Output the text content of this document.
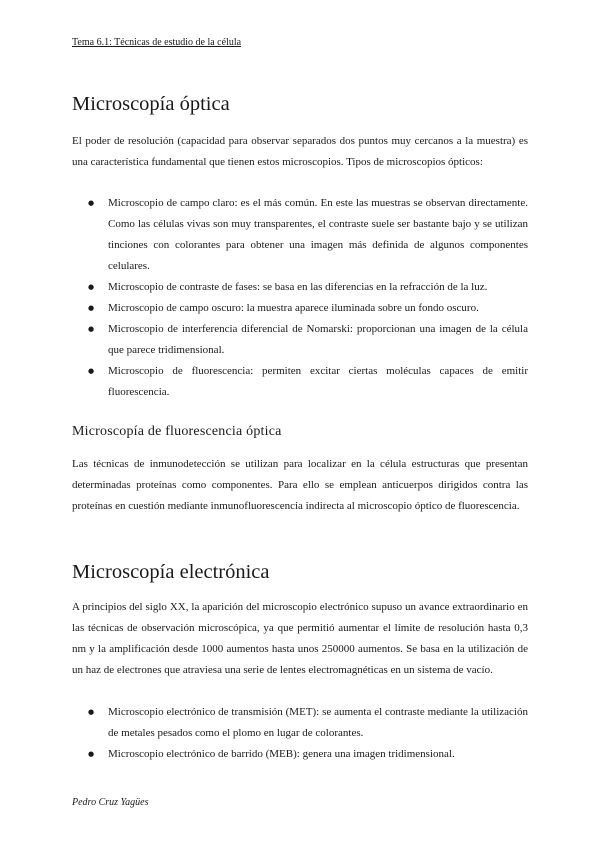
Tema 6.1: Técnicas de estudio de la célula
Microscopía óptica

El poder de resolución (capacidad para observar separados dos puntos muy cercanos a la muestra) es una característica fundamental que tienen estos microscopios. Tipos de microscopios ópticos:

● Microscopio de campo claro: es el más común. En este las muestras se observan directamente. Como las células vivas son muy transparentes, el contraste suele ser bastante bajo y se utilizan tinciones con colorantes para obtener una imagen más definida de algunos componentes celulares.
● Microscopio de contraste de fases: se basa en las diferencias en la refracción de la luz.
● Microscopio de campo oscuro: la muestra aparece iluminada sobre un fondo oscuro.
● Microscopio de interferencia diferencial de Nomarski: proporcionan una imagen de la célula que parece tridimensional.
● Microscopio de fluorescencia: permiten excitar ciertas moléculas capaces de emitir fluorescencia.
Microscopía de fluorescencia óptica

Las técnicas de inmunodetección se utilizan para localizar en la célula estructuras que presentan determinadas proteínas como componentes. Para ello se emplean anticuerpos dirigidos contra las proteínas en cuestión mediante inmunofluorescencia indirecta al microscopio óptico de fluorescencia.

Microscopía electrónica

A principios del siglo XX, la aparición del microscopio electrónico supuso un avance extraordinario en las técnicas de observación microscópica, ya que permitió aumentar el límite de resolución hasta 0,3 nm y la amplificación desde 1000 aumentos hasta unos 250000 aumentos. Se basa en la utilización de un haz de electrones que atraviesa una serie de lentes electromagnéticas en un sistema de vacío.

● Microscopio electrónico de transmisión (MET): se aumenta el contraste mediante la utilización de metales pesados como el plomo en lugar de colorantes.
● Microscopio electrónico de barrido (MEB): genera una imagen tridimensional.
Pedro Cruz Yagües
